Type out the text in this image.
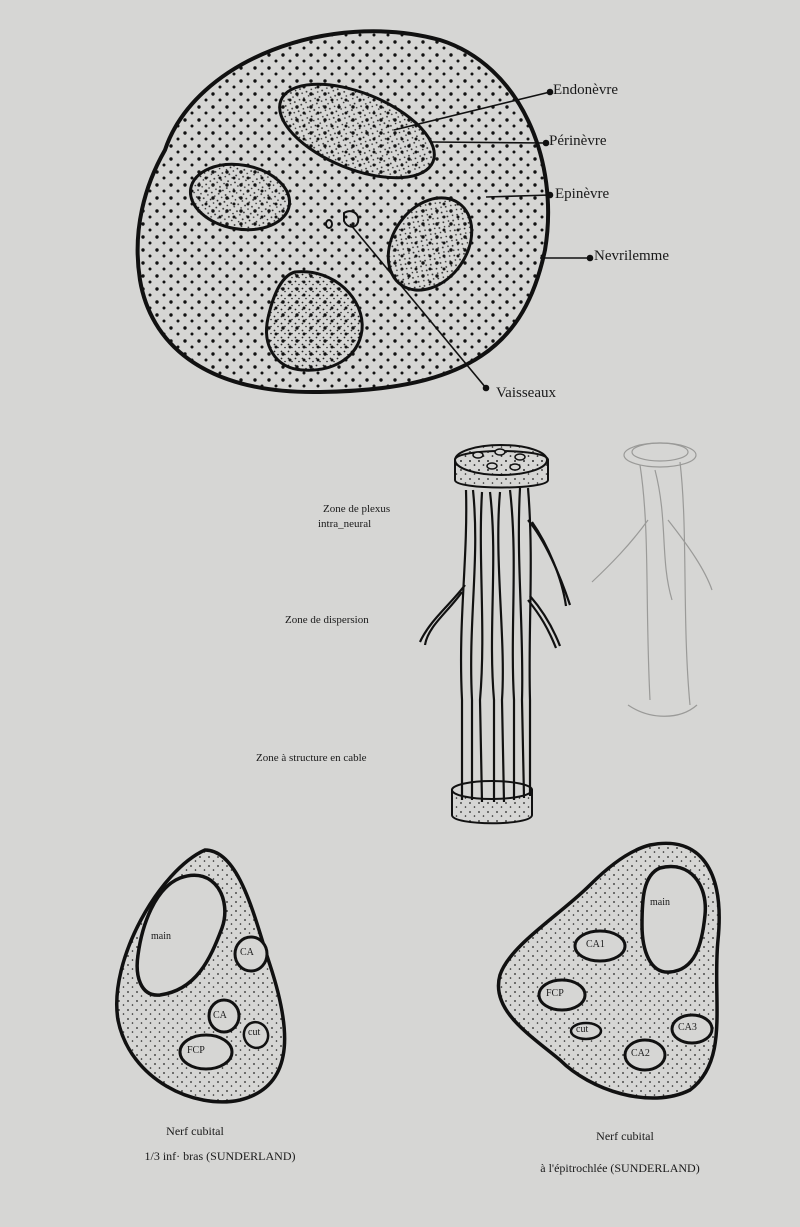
Endonèvre
Périnèvre
Epinèvre
Nevrilemme
Vaisseaux
Zone de plexus
intra_neural
Zone de dispersion
Zone à structure en cable
main
CA
CA
cut
FCP
Nerf cubital
1/3 inf· bras (SUNDERLAND)
main
CA1
FCP
cut	CA3
CA2
Nerf cubital
à l'épitrochlée (SUNDERLAND)
